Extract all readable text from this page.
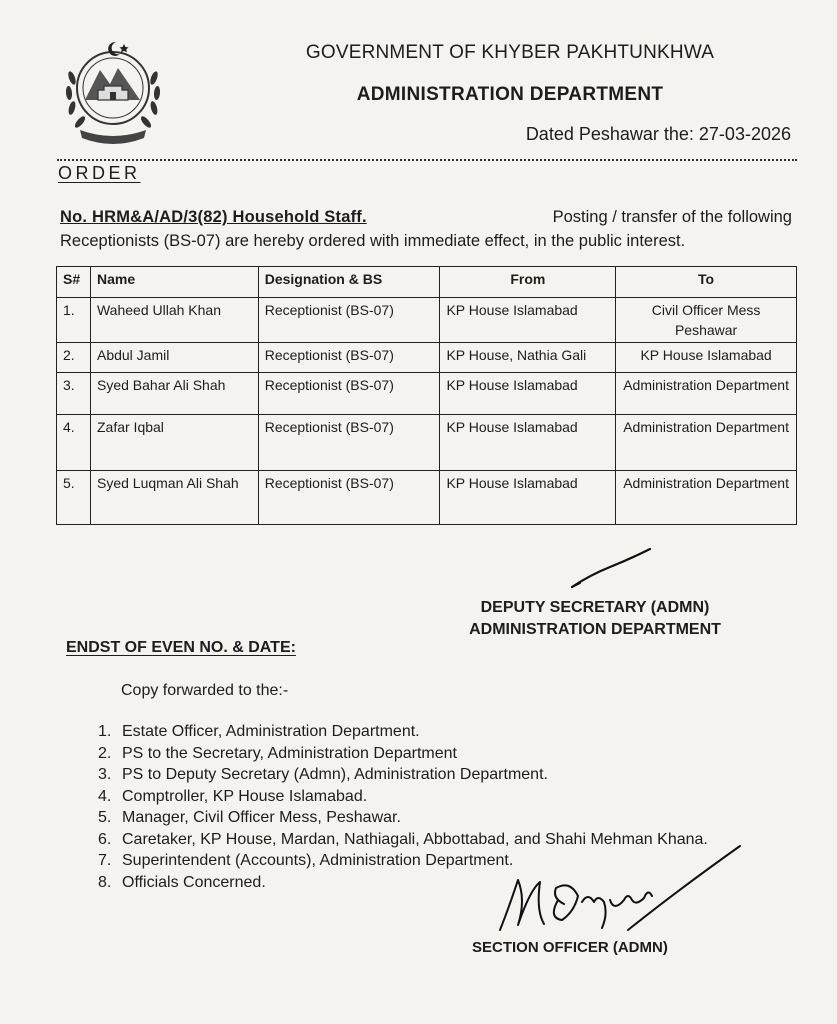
GOVERNMENT OF KHYBER PAKHTUNKHWA
ADMINISTRATION DEPARTMENT
Dated Peshawar the: 27-03-2026
ORDER
No. HRM&A/AD/3(82) Household Staff.	Posting / transfer of the following
Receptionists (BS-07) are hereby ordered with immediate effect, in the public interest.
S#	Name	Designation & BS	From	To
1.	Waheed Ullah Khan	Receptionist (BS-07)	KP House Islamabad	Civil Officer Mess Peshawar
2.	Abdul Jamil	Receptionist (BS-07)	KP House, Nathia Gali	KP House Islamabad
3.	Syed Bahar Ali Shah	Receptionist (BS-07)	KP House Islamabad	Administration Department
4.	Zafar Iqbal	Receptionist (BS-07)	KP House Islamabad	Administration Department
5.	Syed Luqman Ali Shah	Receptionist (BS-07)	KP House Islamabad	Administration Department
DEPUTY SECRETARY (ADMN)
ADMINISTRATION DEPARTMENT
ENDST OF EVEN NO. & DATE:
Copy forwarded to the:-
1. Estate Officer, Administration Department.
2. PS to the Secretary, Administration Department
3. PS to Deputy Secretary (Admn), Administration Department.
4. Comptroller, KP House Islamabad.
5. Manager, Civil Officer Mess, Peshawar.
6. Caretaker, KP House, Mardan, Nathiagali, Abbottabad, and Shahi Mehman Khana.
7. Superintendent (Accounts), Administration Department.
8. Officials Concerned.
SECTION OFFICER (ADMN)
